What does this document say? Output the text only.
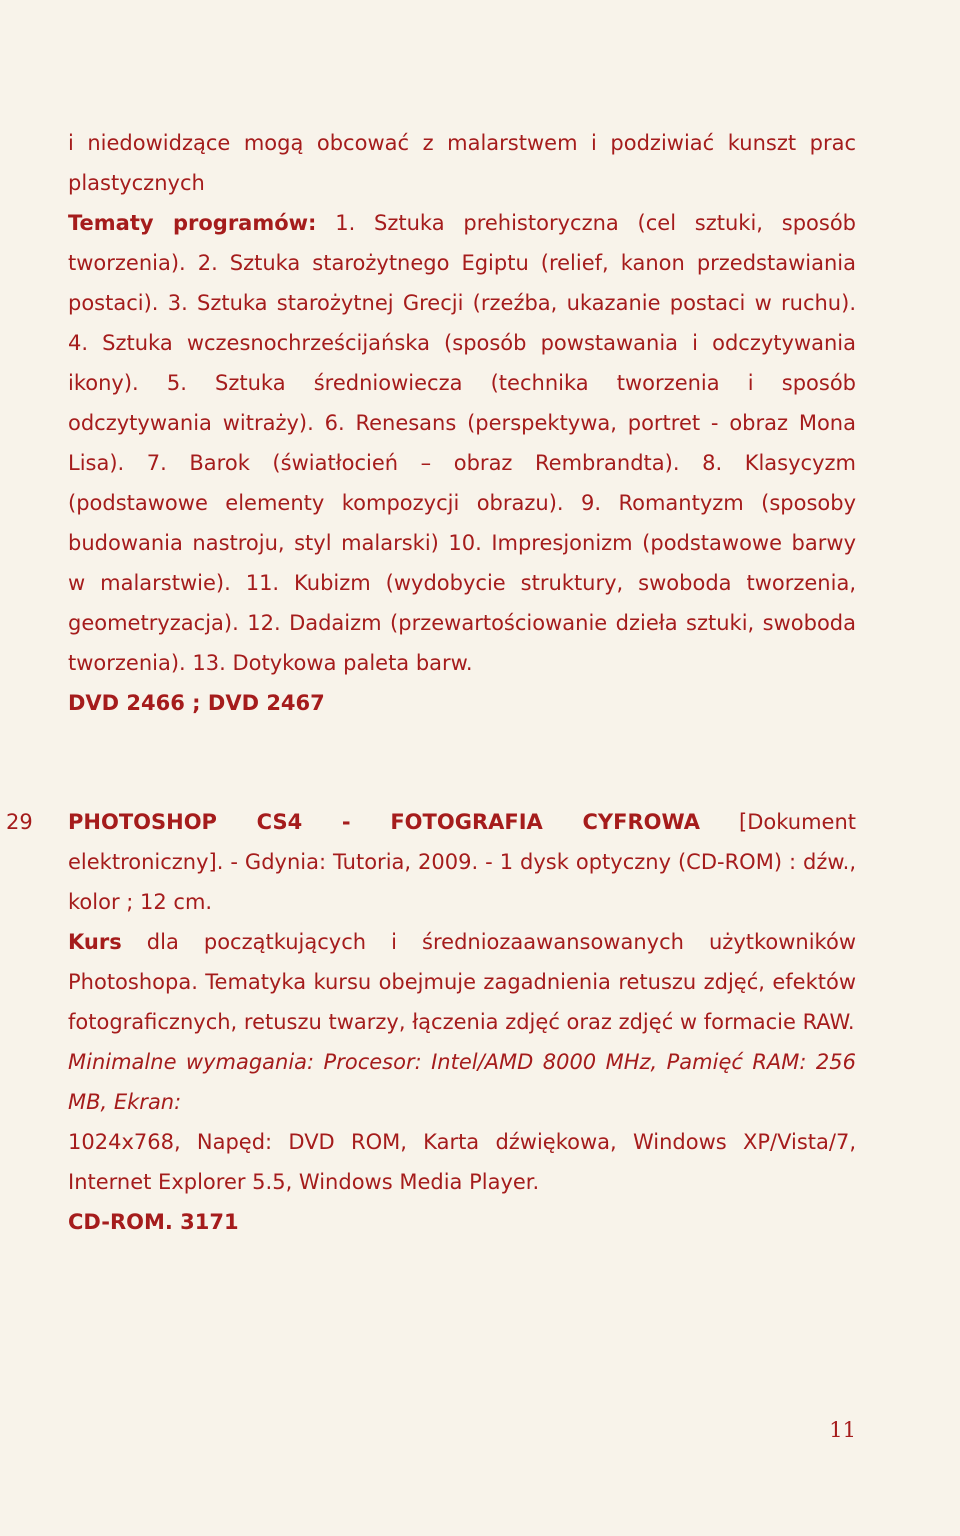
i niedowidzące mogą obcować z malarstwem i podziwiać kunszt prac plastycznych

Tematy programów: 1. Sztuka prehistoryczna (cel sztuki, sposób tworzenia). 2. Sztuka starożytnego Egiptu (relief, kanon przedstawiania postaci). 3. Sztuka starożytnej Grecji (rzeźba, ukazanie postaci w ruchu). 4. Sztuka wczesnochrześcijańska (sposób powstawania i odczytywania ikony). 5. Sztuka średniowiecza (technika tworzenia i sposób odczytywania witraży). 6. Renesans (perspektywa, portret - obraz Mona Lisa). 7. Barok (światłocień – obraz Rembrandta). 8. Klasycyzm (podstawowe elementy kompozycji obrazu). 9. Romantyzm (sposoby budowania nastroju, styl malarski) 10. Impresjonizm (podstawowe barwy w malarstwie). 11. Kubizm (wydobycie struktury, swoboda tworzenia, geometryzacja). 12. Dadaizm (przewartościowanie dzieła sztuki, swoboda tworzenia). 13. Dotykowa paleta barw.

DVD 2466 ; DVD 2467

29 PHOTOSHOP CS4 - FOTOGRAFIA CYFROWA [Dokument elektroniczny]. - Gdynia: Tutoria, 2009. - 1 dysk optyczny (CD-ROM) : dźw., kolor ; 12 cm.

Kurs dla początkujących i średniozaawansowanych użytkowników Photoshopa. Tematyka kursu obejmuje zagadnienia retuszu zdjęć, efektów fotograficznych, retuszu twarzy, łączenia zdjęć oraz zdjęć w formacie RAW.

Minimalne wymagania: Procesor: Intel/AMD 8000 MHz, Pamięć RAM: 256 MB, Ekran:

1024x768, Napęd: DVD ROM, Karta dźwiękowa, Windows XP/Vista/7, Internet Explorer 5.5, Windows Media Player.

CD-ROM. 3171

11
